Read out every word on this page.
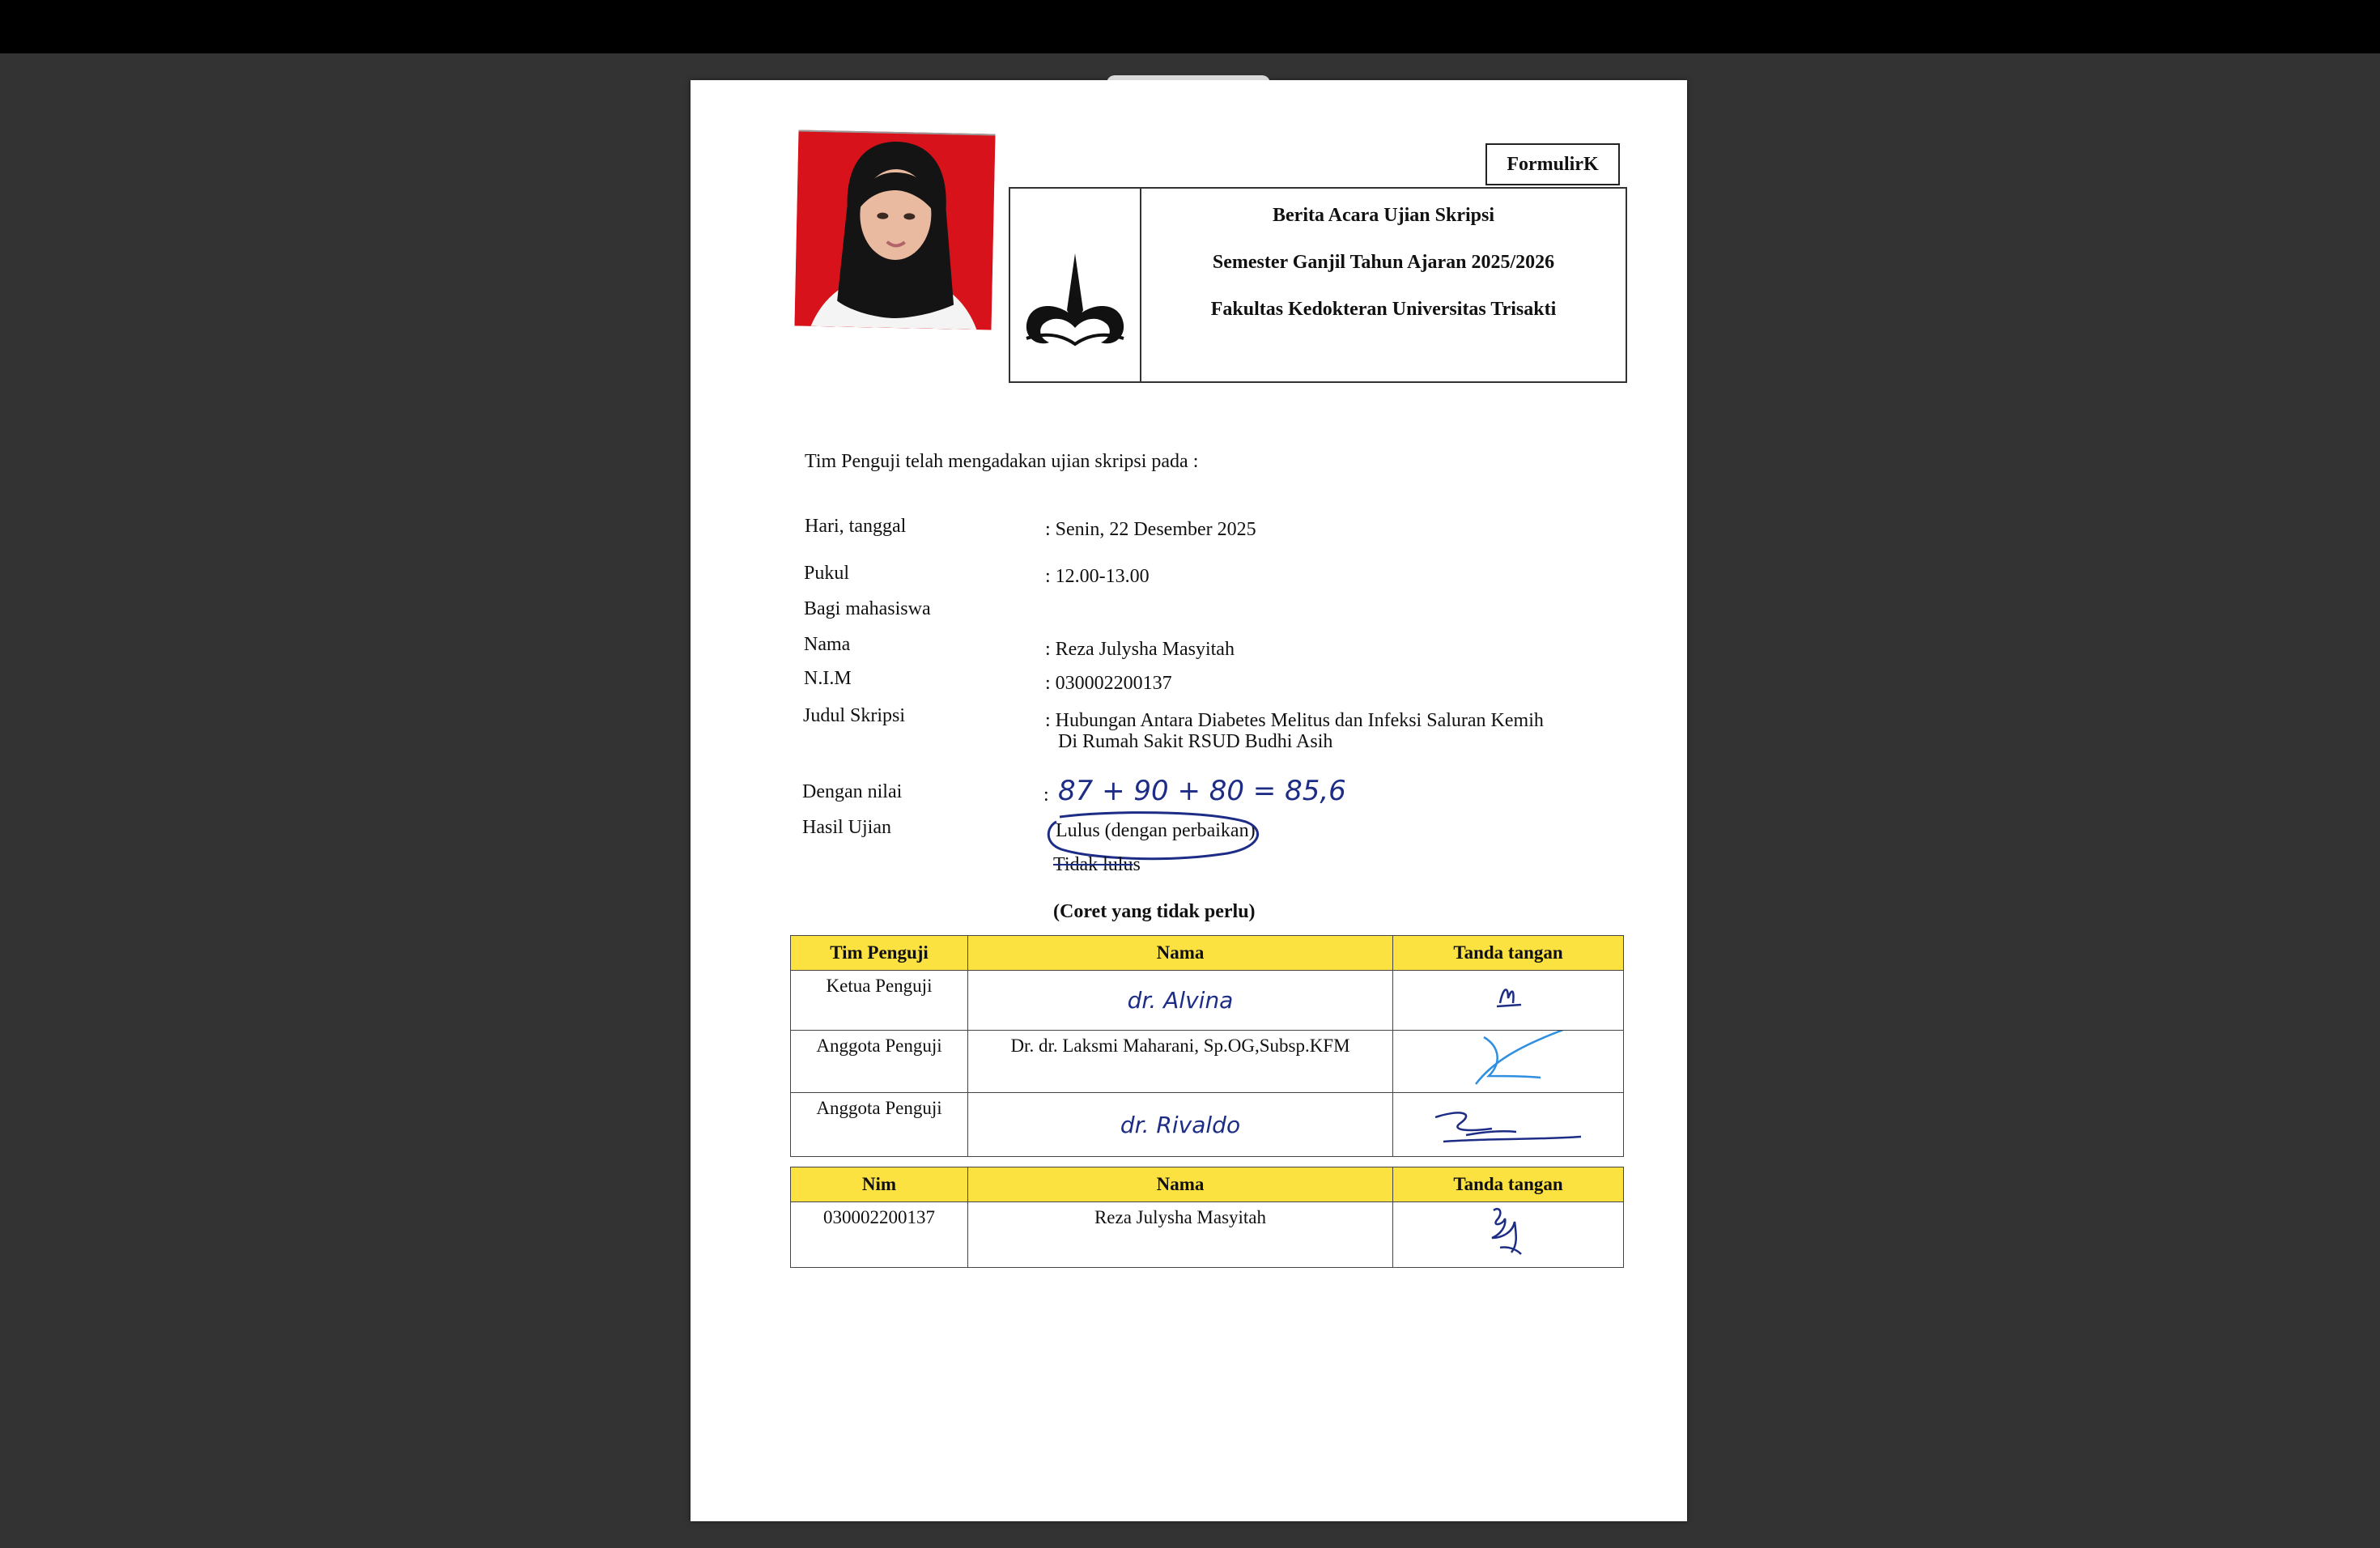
FormulirK
Berita Acara Ujian Skripsi
Semester Ganjil Tahun Ajaran 2025/2026
Fakultas Kedokteran Universitas Trisakti
Tim Penguji telah mengadakan ujian skripsi pada :
Hari, tanggal	: Senin, 22 Desember 2025
Pukul	: 12.00-13.00
Bagi mahasiswa
Nama	: Reza Julysha Masyitah
N.I.M	: 030002200137
Judul Skripsi	: Hubungan Antara Diabetes Melitus dan Infeksi Saluran Kemih
Di Rumah Sakit RSUD Budhi Asih
Dengan nilai	: 87 + 90 + 80 = 85,6
Hasil Ujian	Lulus (dengan perbaikan)
Tidak lulus
(Coret yang tidak perlu)
Tim Penguji	Nama	Tanda tangan
Ketua Penguji	dr. Alvina	
Anggota Penguji	Dr. dr. Laksmi Maharani, Sp.OG,Subsp.KFM	
Anggota Penguji	dr. Rivaldo	
Nim	Nama	Tanda tangan
030002200137	Reza Julysha Masyitah	
Page 2 of 2
